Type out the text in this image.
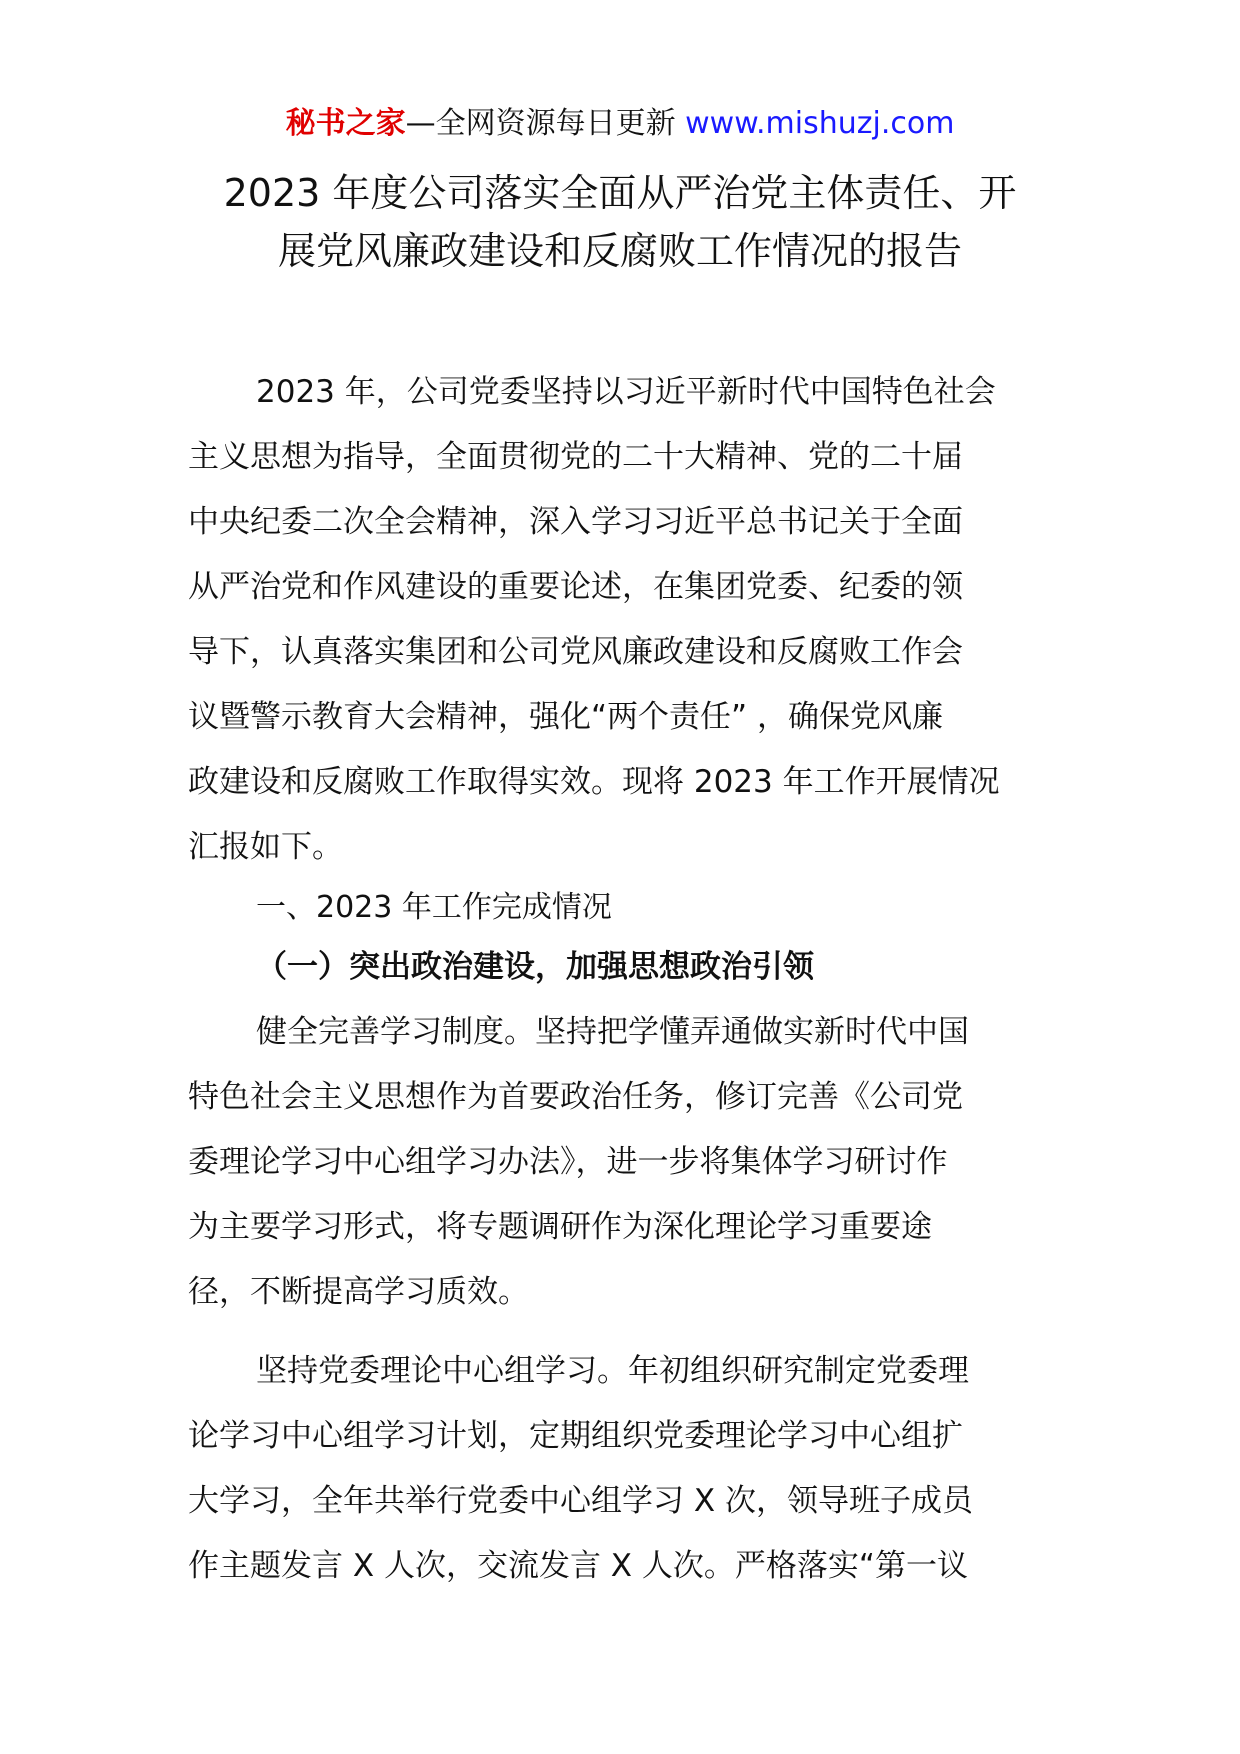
秘书之家—全网资源每日更新 www.mishuzj.com
2023 年度公司落实全面从严治党主体责任、开
展党风廉政建设和反腐败工作情况的报告
2023 年，公司党委坚持以习近平新时代中国特色社会
主义思想为指导，全面贯彻党的二十大精神、党的二十届
中央纪委二次全会精神，深入学习习近平总书记关于全面
从严治党和作风建设的重要论述，在集团党委、纪委的领
导下，认真落实集团和公司党风廉政建设和反腐败工作会
议暨警示教育大会精神，强化“两个责任” ，确保党风廉
政建设和反腐败工作取得实效。现将 2023 年工作开展情况
汇报如下。
一、2023 年工作完成情况
（一）突出政治建设，加强思想政治引领
健全完善学习制度。坚持把学懂弄通做实新时代中国
特色社会主义思想作为首要政治任务，修订完善《公司党
委理论学习中心组学习办法》，进一步将集体学习研讨作
为主要学习形式，将专题调研作为深化理论学习重要途
径，不断提高学习质效。
坚持党委理论中心组学习。年初组织研究制定党委理
论学习中心组学习计划，定期组织党委理论学习中心组扩
大学习，全年共举行党委中心组学习 X 次，领导班子成员
作主题发言 X 人次，交流发言 X 人次。严格落实“第一议
